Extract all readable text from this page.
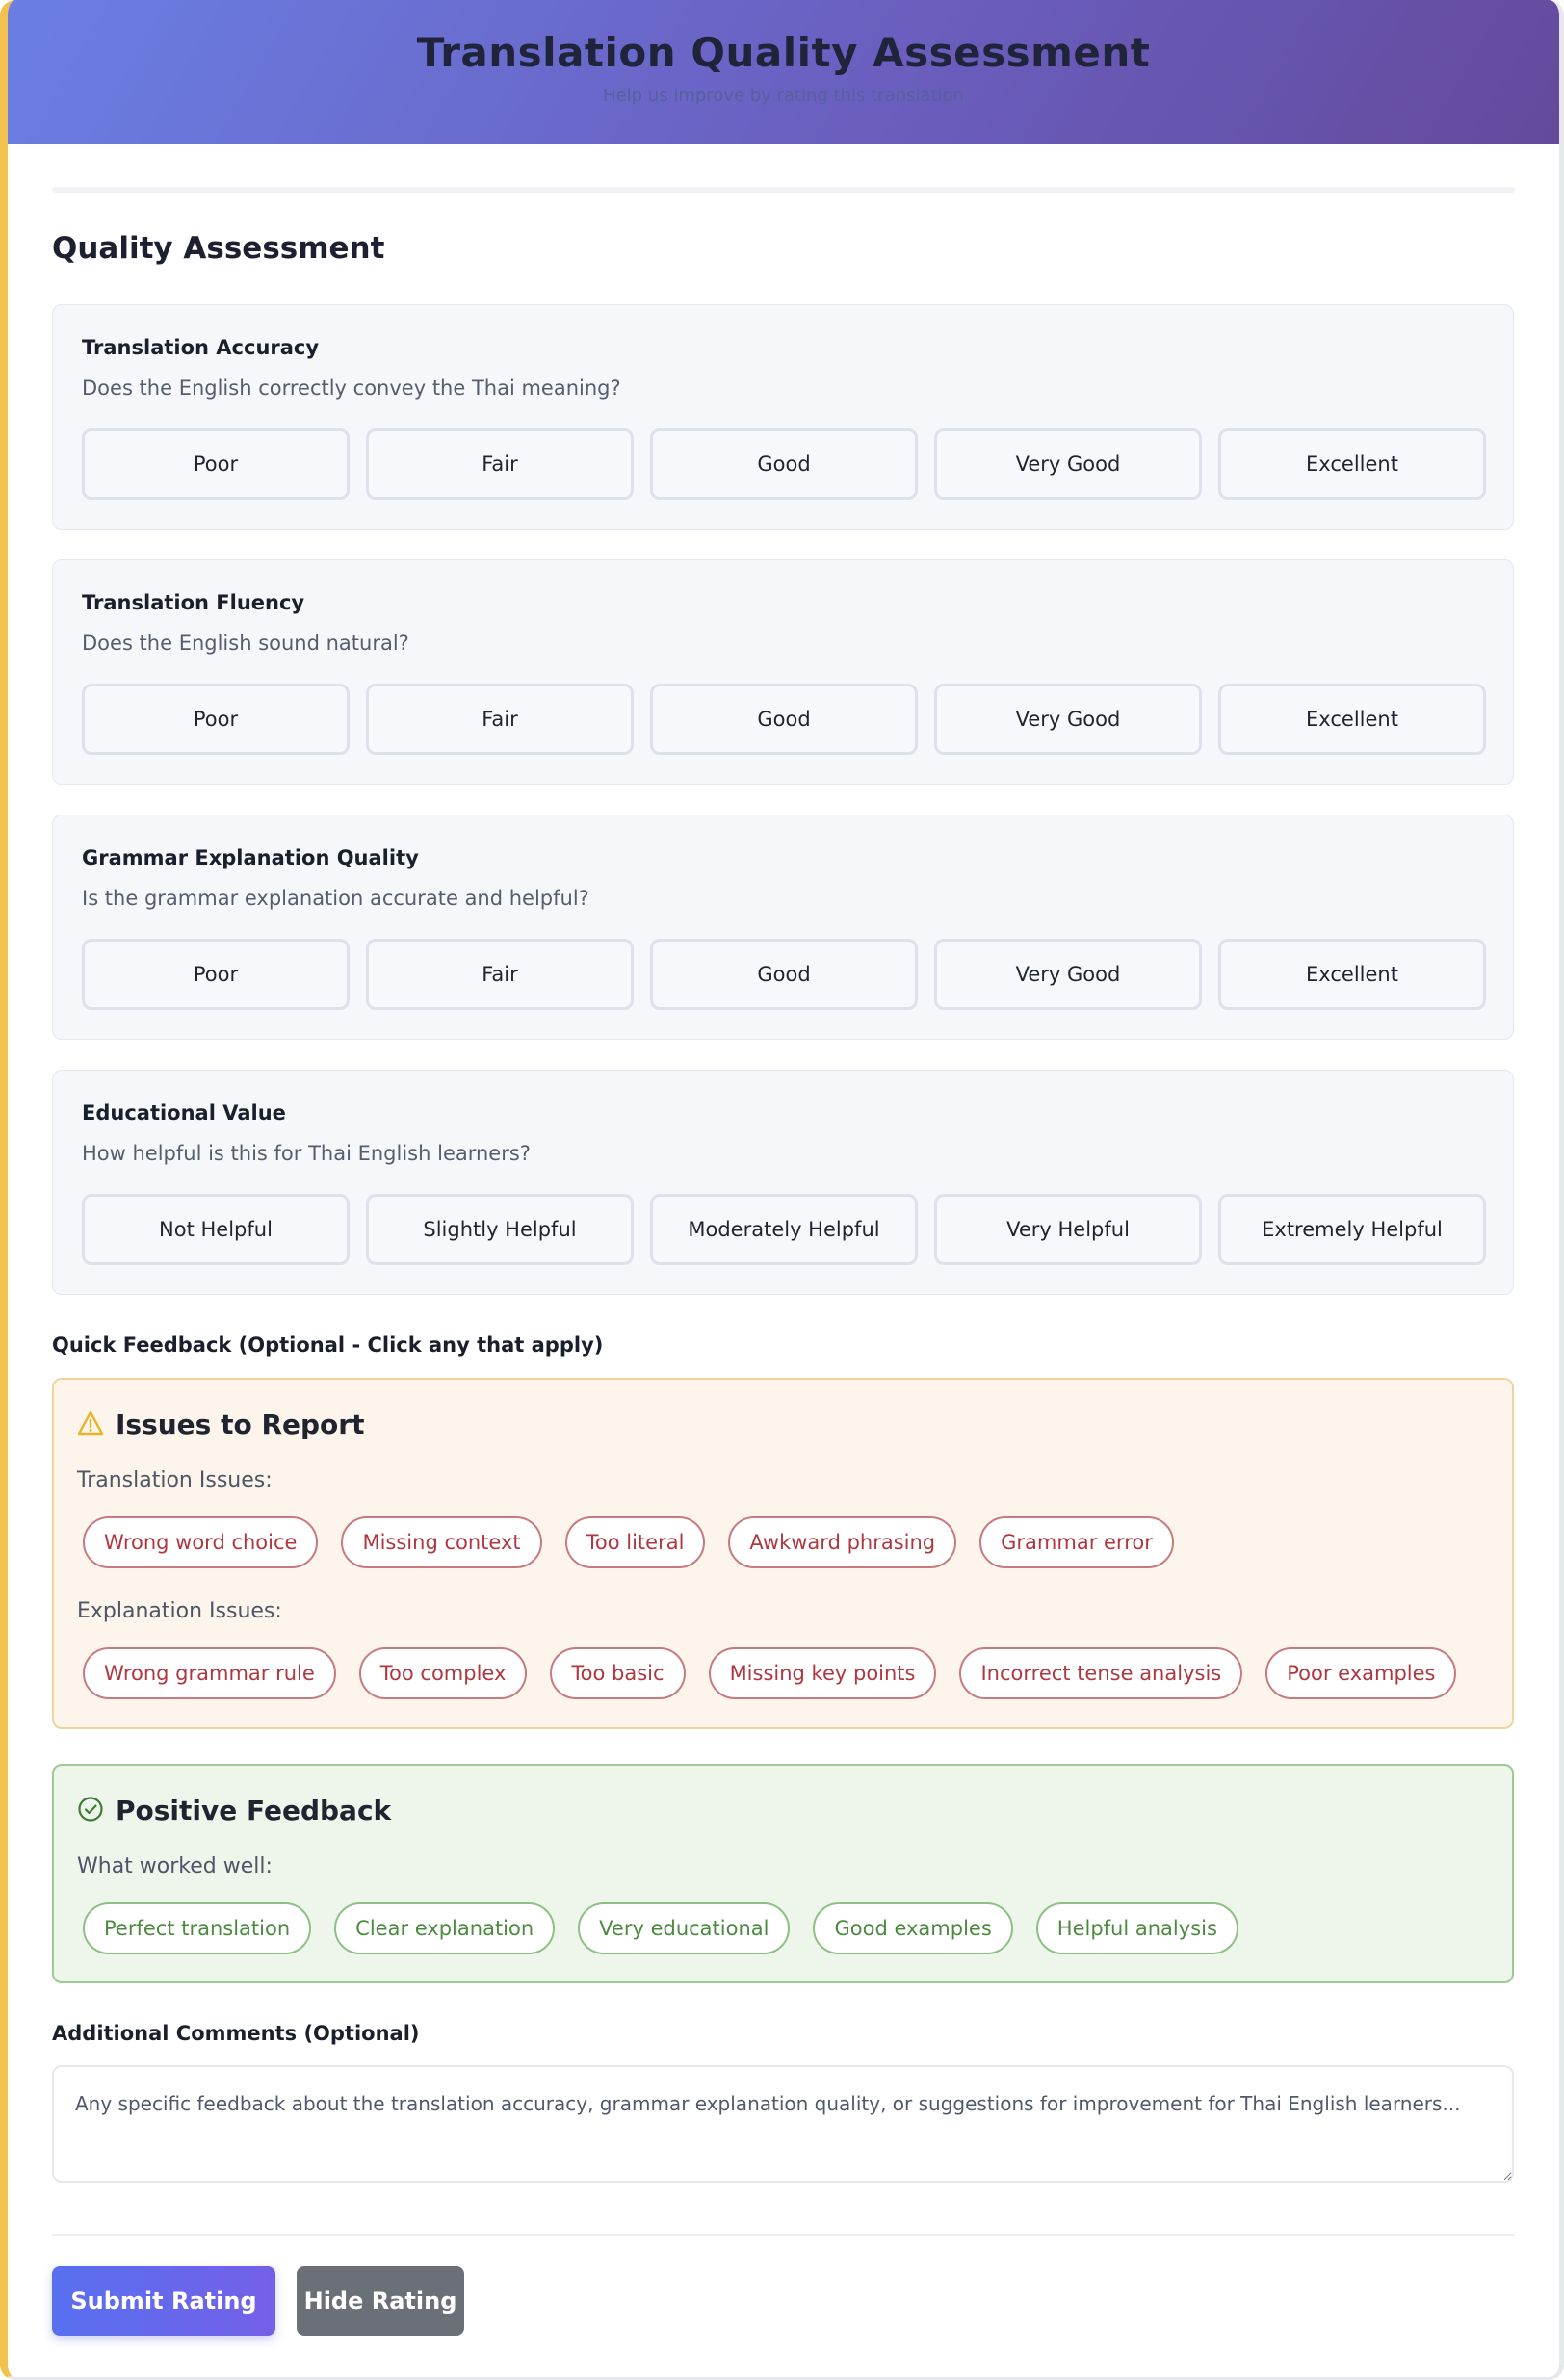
Translation Quality Assessment
Help us improve by rating this translation
Quality Assessment
Translation Accuracy
Does the English correctly convey the Thai meaning?
Poor	Fair	Good	Very Good	Excellent
Translation Fluency
Does the English sound natural?
Poor	Fair	Good	Very Good	Excellent
Grammar Explanation Quality
Is the grammar explanation accurate and helpful?
Poor	Fair	Good	Very Good	Excellent
Educational Value
How helpful is this for Thai English learners?
Not Helpful	Slightly Helpful	Moderately Helpful	Very Helpful	Extremely Helpful
Quick Feedback (Optional - Click any that apply)
Issues to Report
Translation Issues:
Wrong word choice	Missing context	Too literal	Awkward phrasing	Grammar error
Explanation Issues:
Wrong grammar rule	Too complex	Too basic	Missing key points	Incorrect tense analysis	Poor examples
Positive Feedback
What worked well:
Perfect translation	Clear explanation	Very educational	Good examples	Helpful analysis
Additional Comments (Optional)
Any specific feedback about the translation accuracy, grammar explanation quality, or suggestions for improvement for Thai English learners...
Submit Rating	Hide Rating
